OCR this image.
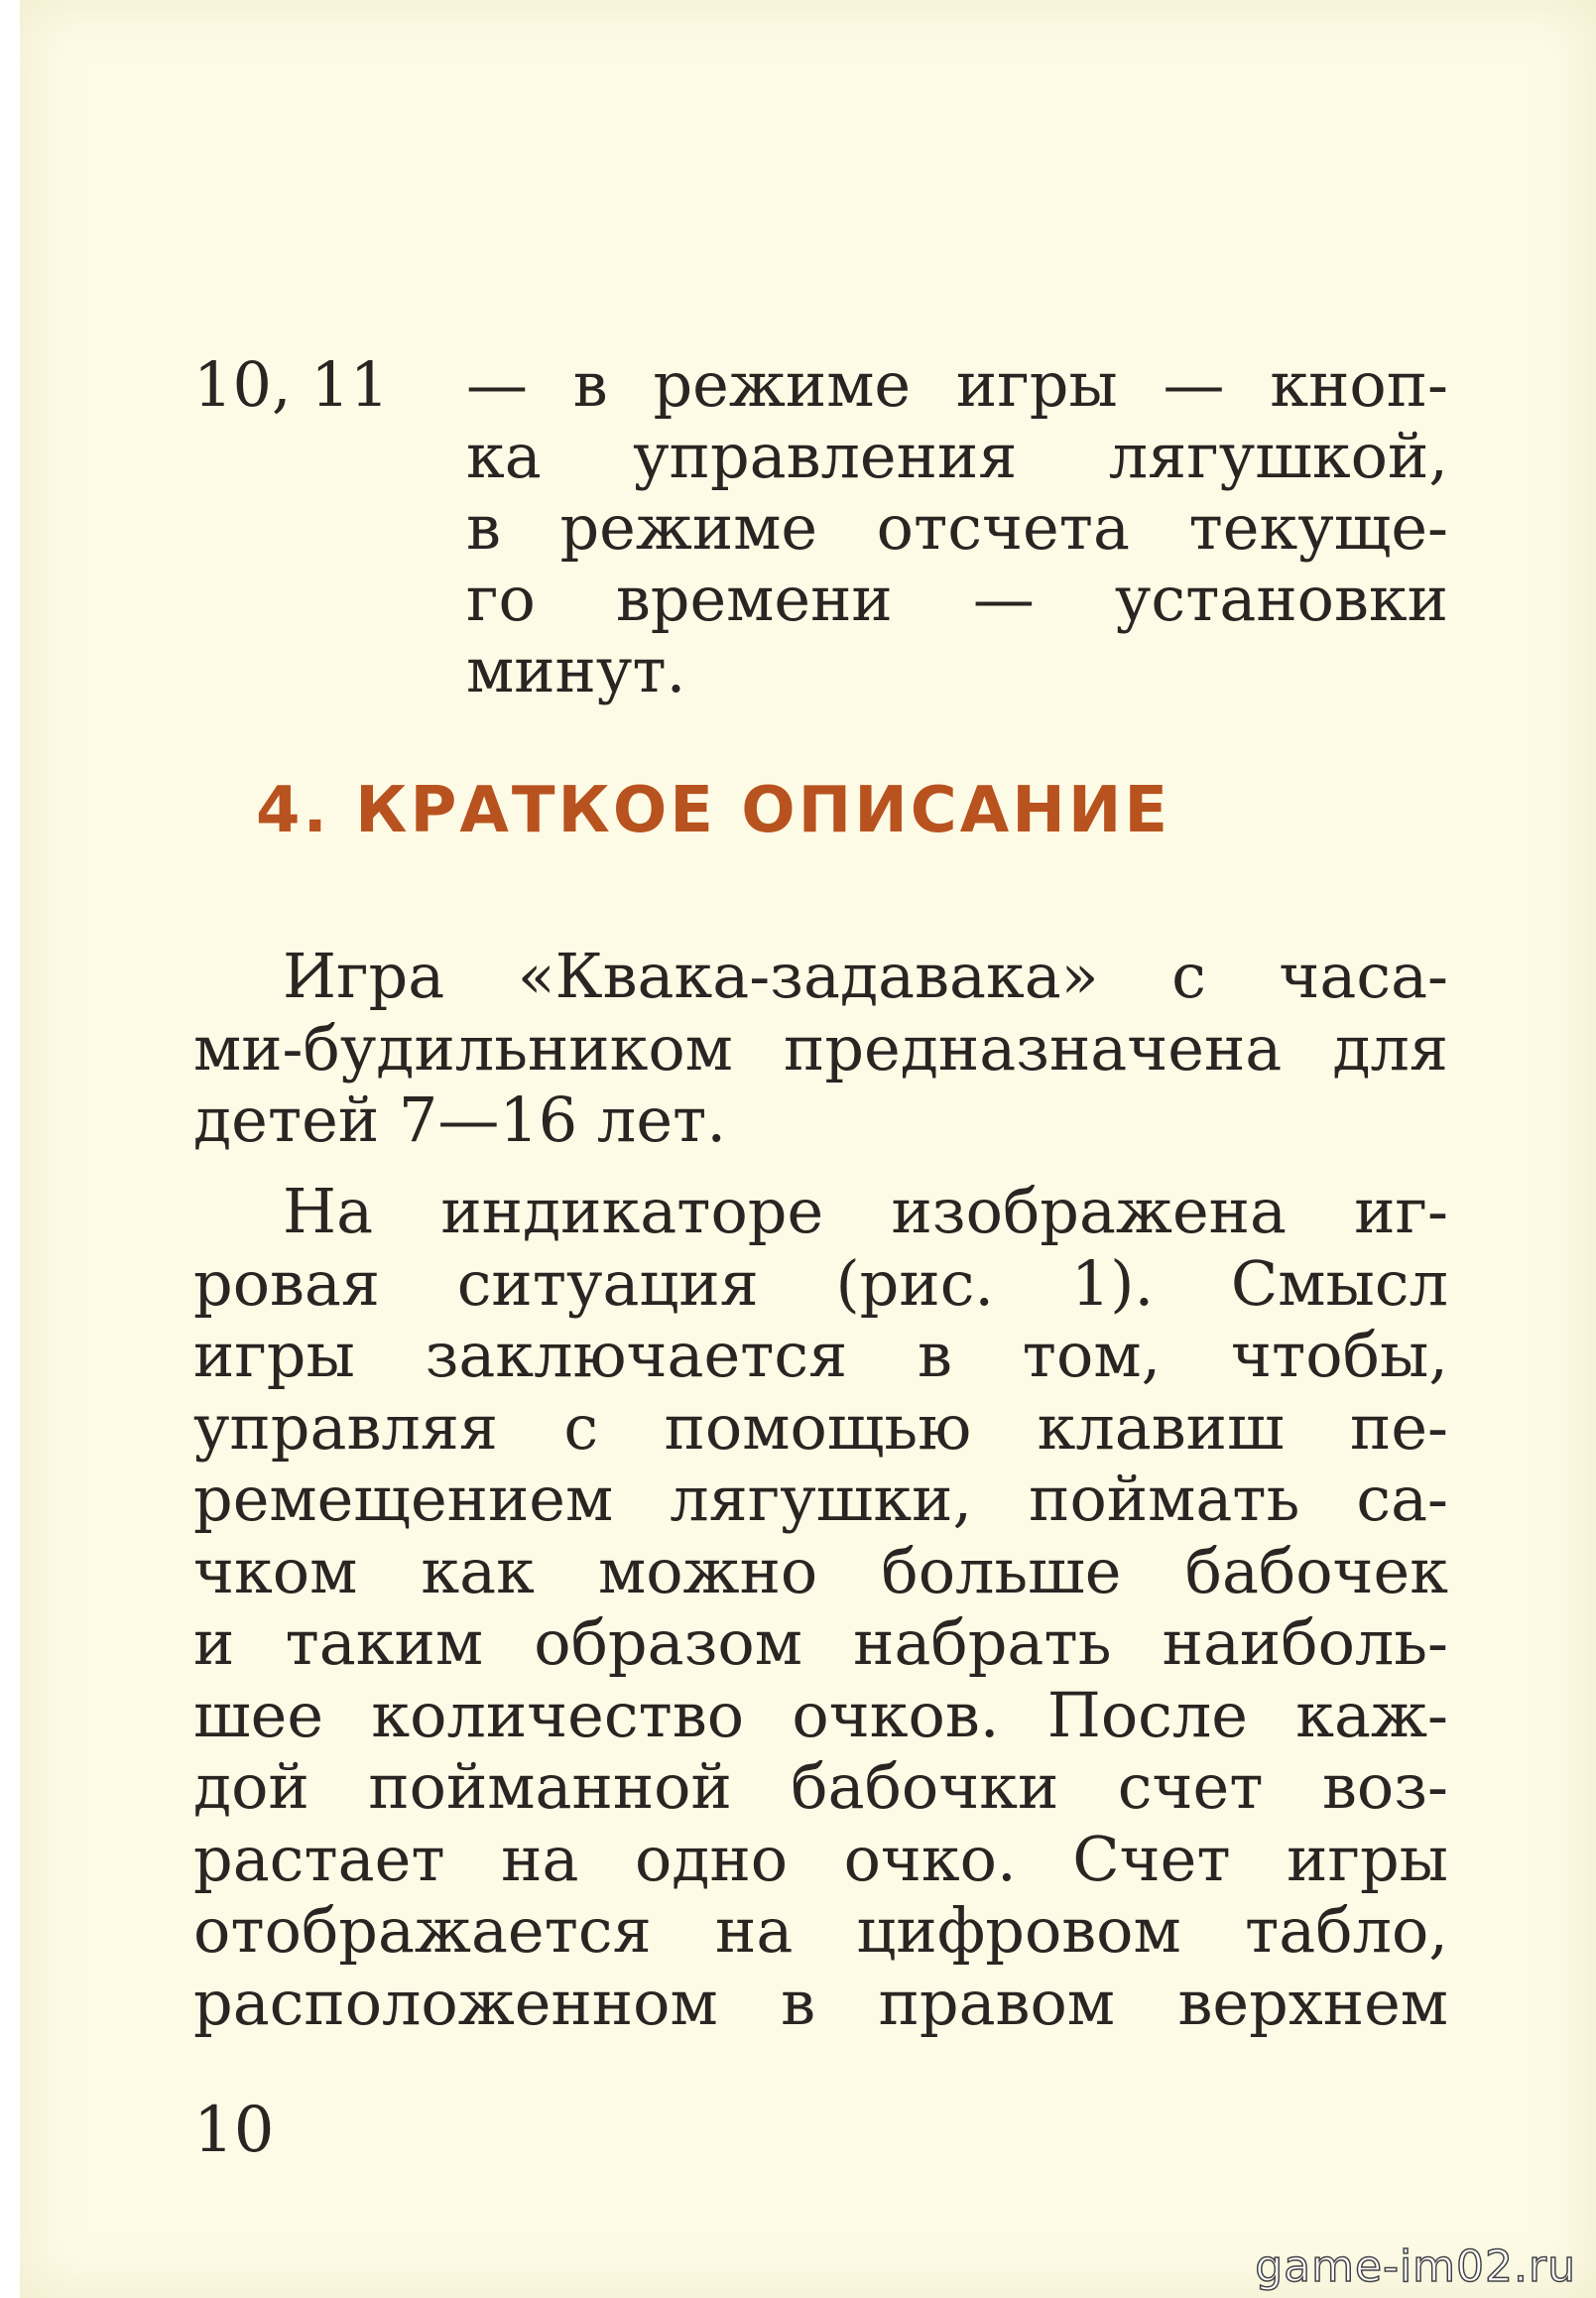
10, 11 — в режиме игры — кноп-
ка управления лягушкой,
в режиме отсчета текуще-
го времени — установки
минут.
4. КРАТКОЕ ОПИСАНИЕ
Игра «Квака-задавака» с часа-
ми-будильником предназначена для
детей 7—16 лет.
На индикаторе изображена иг-
ровая ситуация (рис. 1). Смысл
игры заключается в том, чтобы,
управляя с помощью клавиш пе-
ремещением лягушки, поймать са-
чком как можно больше бабочек
и таким образом набрать наиболь-
шее количество очков. После каж-
дой пойманной бабочки счет воз-
растает на одно очко. Счет игры
отображается на цифровом табло,
расположенном в правом верхнем
10
game-im02.ru
